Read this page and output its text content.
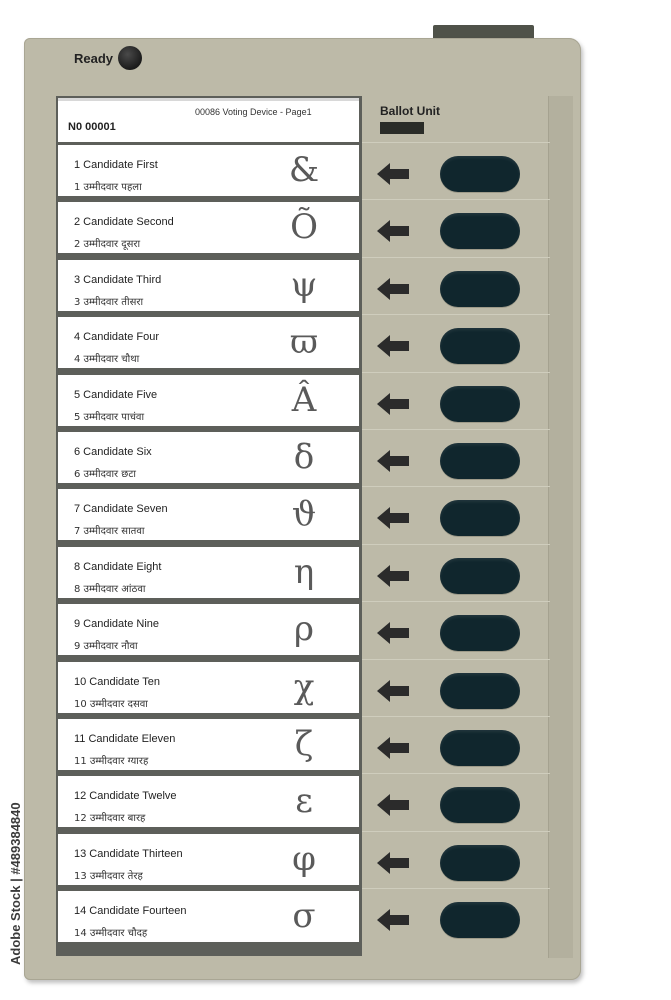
Ready
N0 00001
00086 Voting Device - Page1	Ballot Unit
1 Candidate First
1 उम्मीदवार पहला	&
2 Candidate Second
2 उम्मीदवार दूसरा	Õ
3 Candidate Third
3 उम्मीदवार तीसरा	ψ
4 Candidate Four
4 उम्मीदवार चौथा	ϖ
5 Candidate Five
5 उम्मीदवार पाचंवा	Â
6 Candidate Six
6 उम्मीदवार छटा	δ
7 Candidate Seven
7 उम्मीदवार सातवा	ϑ
8 Candidate Eight
8 उम्मीदवार आंठवा	η
9 Candidate Nine
9 उम्मीदवार नौवा	ρ
10 Candidate Ten
10 उम्मीदवार दसवा	χ
11 Candidate Eleven
11 उम्मीदवार ग्यारह	ζ
12 Candidate Twelve
12 उम्मीदवार बारह	ε
13 Candidate Thirteen
13 उम्मीदवार तेरह	φ
14 Candidate Fourteen
14 उम्मीदवार चौदह	σ
Adobe Stock | #489384840
